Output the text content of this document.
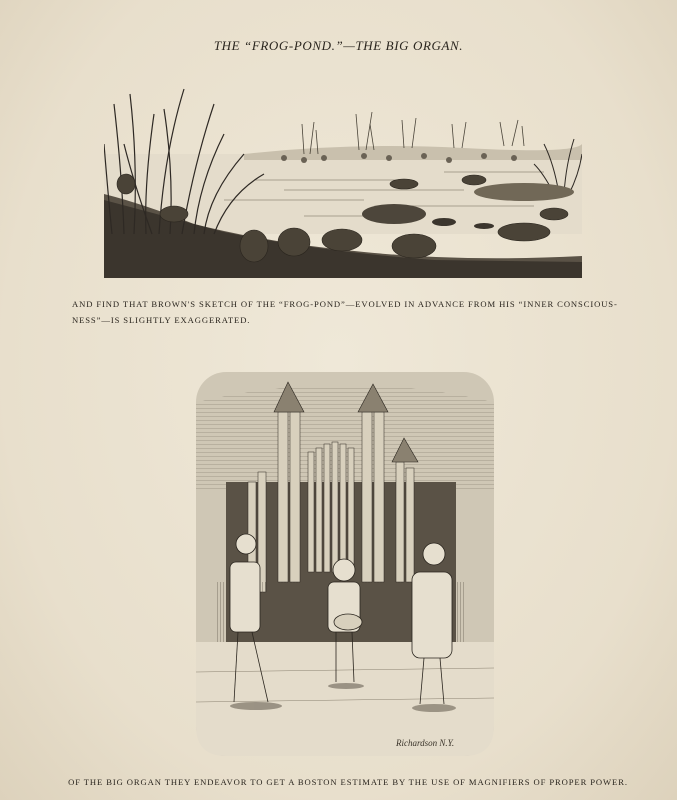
THE “FROG-POND.”—THE BIG ORGAN.
AND FIND THAT BROWN'S SKETCH OF THE “FROG-POND”—EVOLVED IN ADVANCE FROM HIS “INNER CONSCIOUS-NESS”—IS SLIGHTLY EXAGGERATED.
Richardson N.Y.
OF THE BIG ORGAN THEY ENDEAVOR TO GET A BOSTON ESTIMATE BY THE USE OF MAGNIFIERS OF PROPER POWER.
